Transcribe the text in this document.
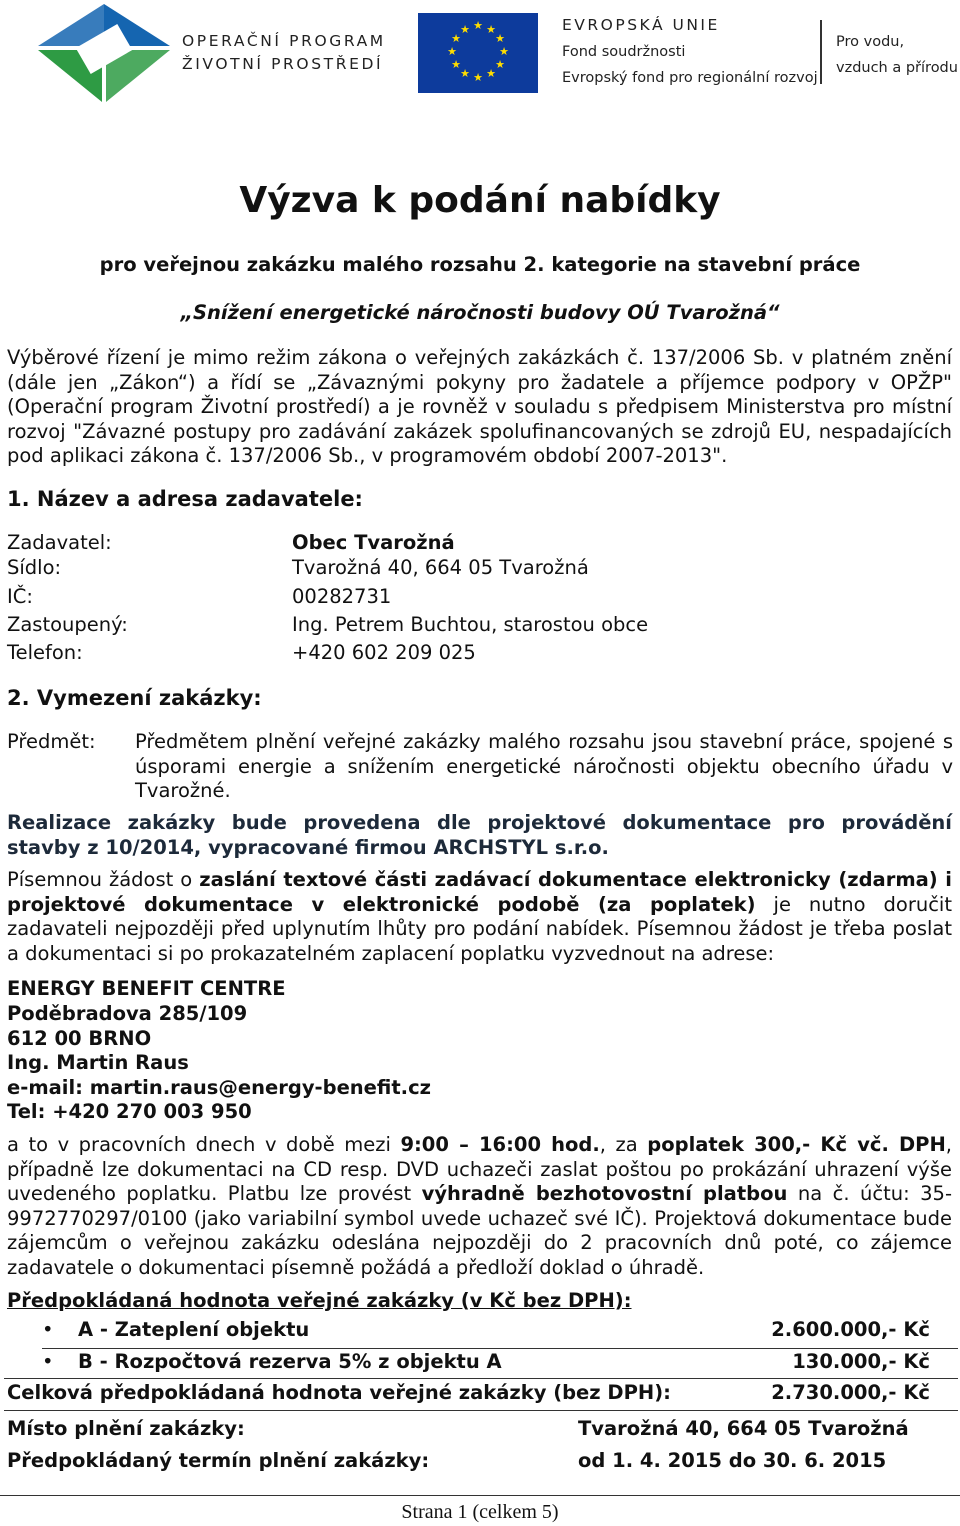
OPERAČNÍ PROGRAM
ŽIVOTNÍ PROSTŘEDÍ
★ ★
★
★
★
★
★
★
★
★
★
★	EVROPSKÁ UNIE
Fond soudržnosti
Evropský fond pro regionální rozvoj
Pro vodu,
vzduch a přírodu
Výzva k podání nabídky
pro veřejnou zakázku malého rozsahu 2. kategorie na stavební práce
„Snížení energetické náročnosti budovy OÚ Tvarožná“
Výběrové řízení je mimo režim zákona o veřejných zakázkách č. 137/2006 Sb. v platném znění (dále jen „Zákon“) a řídí se „Závaznými pokyny pro žadatele a příjemce podpory v OPŽP" (Operační program Životní prostředí) a je rovněž v souladu s předpisem Ministerstva pro místní rozvoj "Závazné postupy pro zadávání zakázek spolufinancovaných se zdrojů EU, nespadajících pod aplikaci zákona č. 137/2006 Sb., v programovém období 2007-2013".
1. Název a adresa zadavatele:
Zadavatel:	Obec Tvarožná
Sídlo:	Tvarožná 40, 664 05 Tvarožná
IČ:	00282731
Zastoupený:	Ing. Petrem Buchtou, starostou obce
Telefon:	+420 602 209 025
2. Vymezení zakázky:
Předmět: Předmětem plnění veřejné zakázky malého rozsahu jsou stavební práce, spojené s úsporami energie a snížením energetické náročnosti objektu obecního úřadu v Tvarožné.
Realizace zakázky bude provedena dle projektové dokumentace pro provádění stavby z 10/2014, vypracované firmou ARCHSTYL s.r.o.
Písemnou žádost o zaslání textové části zadávací dokumentace elektronicky (zdarma) i projektové dokumentace v elektronické podobě (za poplatek) je nutno doručit zadavateli nejpozději před uplynutím lhůty pro podání nabídek. Písemnou žádost je třeba poslat a dokumentaci si po prokazatelném zaplacení poplatku vyzvednout na adrese:
ENERGY BENEFIT CENTRE
Poděbradova 285/109
612 00 BRNO
Ing. Martin Raus
e-mail: martin.raus@energy-benefit.cz
Tel: +420 270 003 950
a to v pracovních dnech v době mezi 9:00 – 16:00 hod., za poplatek 300,- Kč vč. DPH, případně lze dokumentaci na CD resp. DVD uchazeči zaslat poštou po prokázání uhrazení výše uvedeného poplatku. Platbu lze provést výhradně bezhotovostní platbou na č. účtu: 35-9972770297/0100 (jako variabilní symbol uvede uchazeč své IČ). Projektová dokumentace bude zájemcům o veřejnou zakázku odeslána nejpozději do 2 pracovních dnů poté, co zájemce zadavatele o dokumentaci písemně požádá a předloží doklad o úhradě.
Předpokládaná hodnota veřejné zakázky (v Kč bez DPH):
• A - Zateplení objektu	2.600.000,- Kč
• B - Rozpočtová rezerva 5% z objektu A	130.000,- Kč
Celková předpokládaná hodnota veřejné zakázky (bez DPH):	2.730.000,- Kč
Místo plnění zakázky:	Tvarožná 40, 664 05 Tvarožná
Předpokládaný termín plnění zakázky:	od 1. 4. 2015 do 30. 6. 2015
Strana 1 (celkem 5)
